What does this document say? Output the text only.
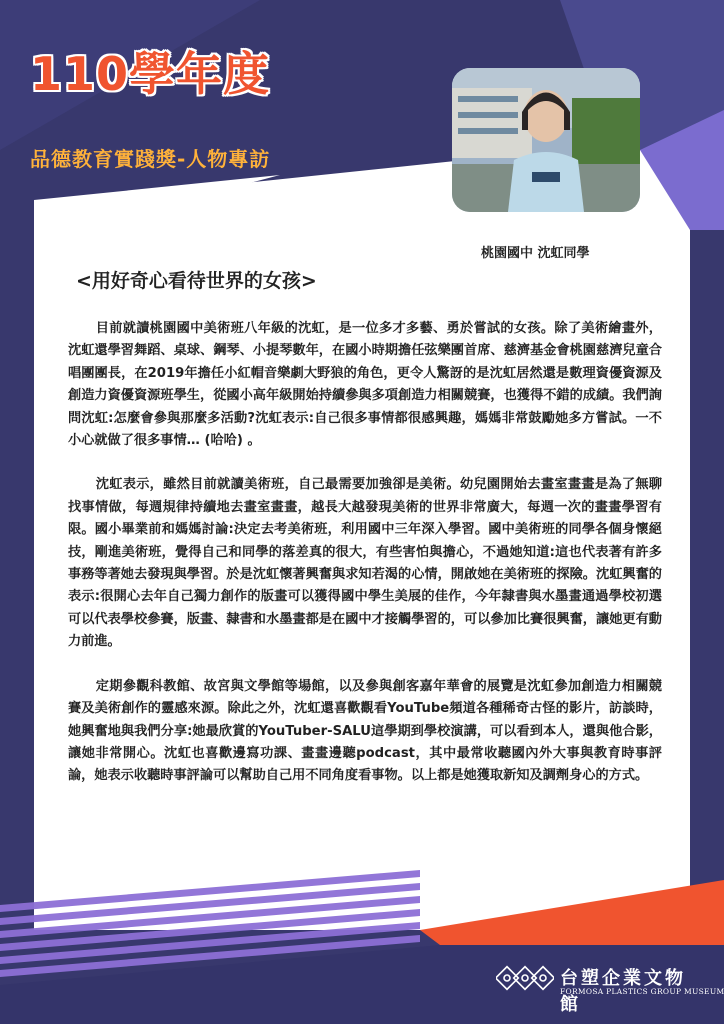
110學年度
品德教育實踐獎-人物專訪
桃園國中 沈虹同學
<用好奇心看待世界的女孩>

目前就讀桃園國中美術班八年級的沈虹，是一位多才多藝、勇於嘗試的女孩。除了美術繪畫外，沈虹還學習舞蹈、桌球、鋼琴、小提琴數年，在國小時期擔任弦樂團首席、慈濟基金會桃園慈濟兒童合唱團團長，在2019年擔任小紅帽音樂劇大野狼的角色，更令人驚訝的是沈虹居然還是數理資優資源及創造力資優資源班學生，從國小高年級開始持續參與多項創造力相關競賽，也獲得不錯的成績。我們詢問沈虹:怎麼會參與那麼多活動?沈虹表示:自己很多事情都很感興趣，媽媽非常鼓勵她多方嘗試。一不小心就做了很多事情… (哈哈) 。

沈虹表示，雖然目前就讀美術班，自己最需要加強卻是美術。幼兒園開始去畫室畫畫是為了無聊找事情做，每週規律持續地去畫室畫畫，越長大越發現美術的世界非常廣大，每週一次的畫畫學習有限。國小畢業前和媽媽討論:決定去考美術班，利用國中三年深入學習。國中美術班的同學各個身懷絕技，剛進美術班，覺得自己和同學的落差真的很大，有些害怕與擔心，不過她知道:這也代表著有許多事務等著她去發現與學習。於是沈虹懷著興奮與求知若渴的心情，開啟她在美術班的探險。沈虹興奮的表示:很開心去年自己獨力創作的版畫可以獲得國中學生美展的佳作，今年隸書與水墨畫通過學校初選可以代表學校參賽，版畫、隸書和水墨畫都是在國中才接觸學習的，可以參加比賽很興奮，讓她更有動力前進。

定期參觀科教館、故宮與文學館等場館，以及參與創客嘉年華會的展覽是沈虹參加創造力相關競賽及美術創作的靈感來源。除此之外，沈虹還喜歡觀看YouTube頻道各種稀奇古怪的影片，訪談時，她興奮地與我們分享:她最欣賞的YouTuber-SALU這學期到學校演講，可以看到本人，還與他合影，讓她非常開心。沈虹也喜歡邊寫功課、畫畫邊聽podcast，其中最常收聽國內外大事與教育時事評論，她表示收聽時事評論可以幫助自己用不同角度看事物。以上都是她獲取新知及調劑身心的方式。

台塑企業文物館
FORMOSA PLASTICS GROUP MUSEUM
